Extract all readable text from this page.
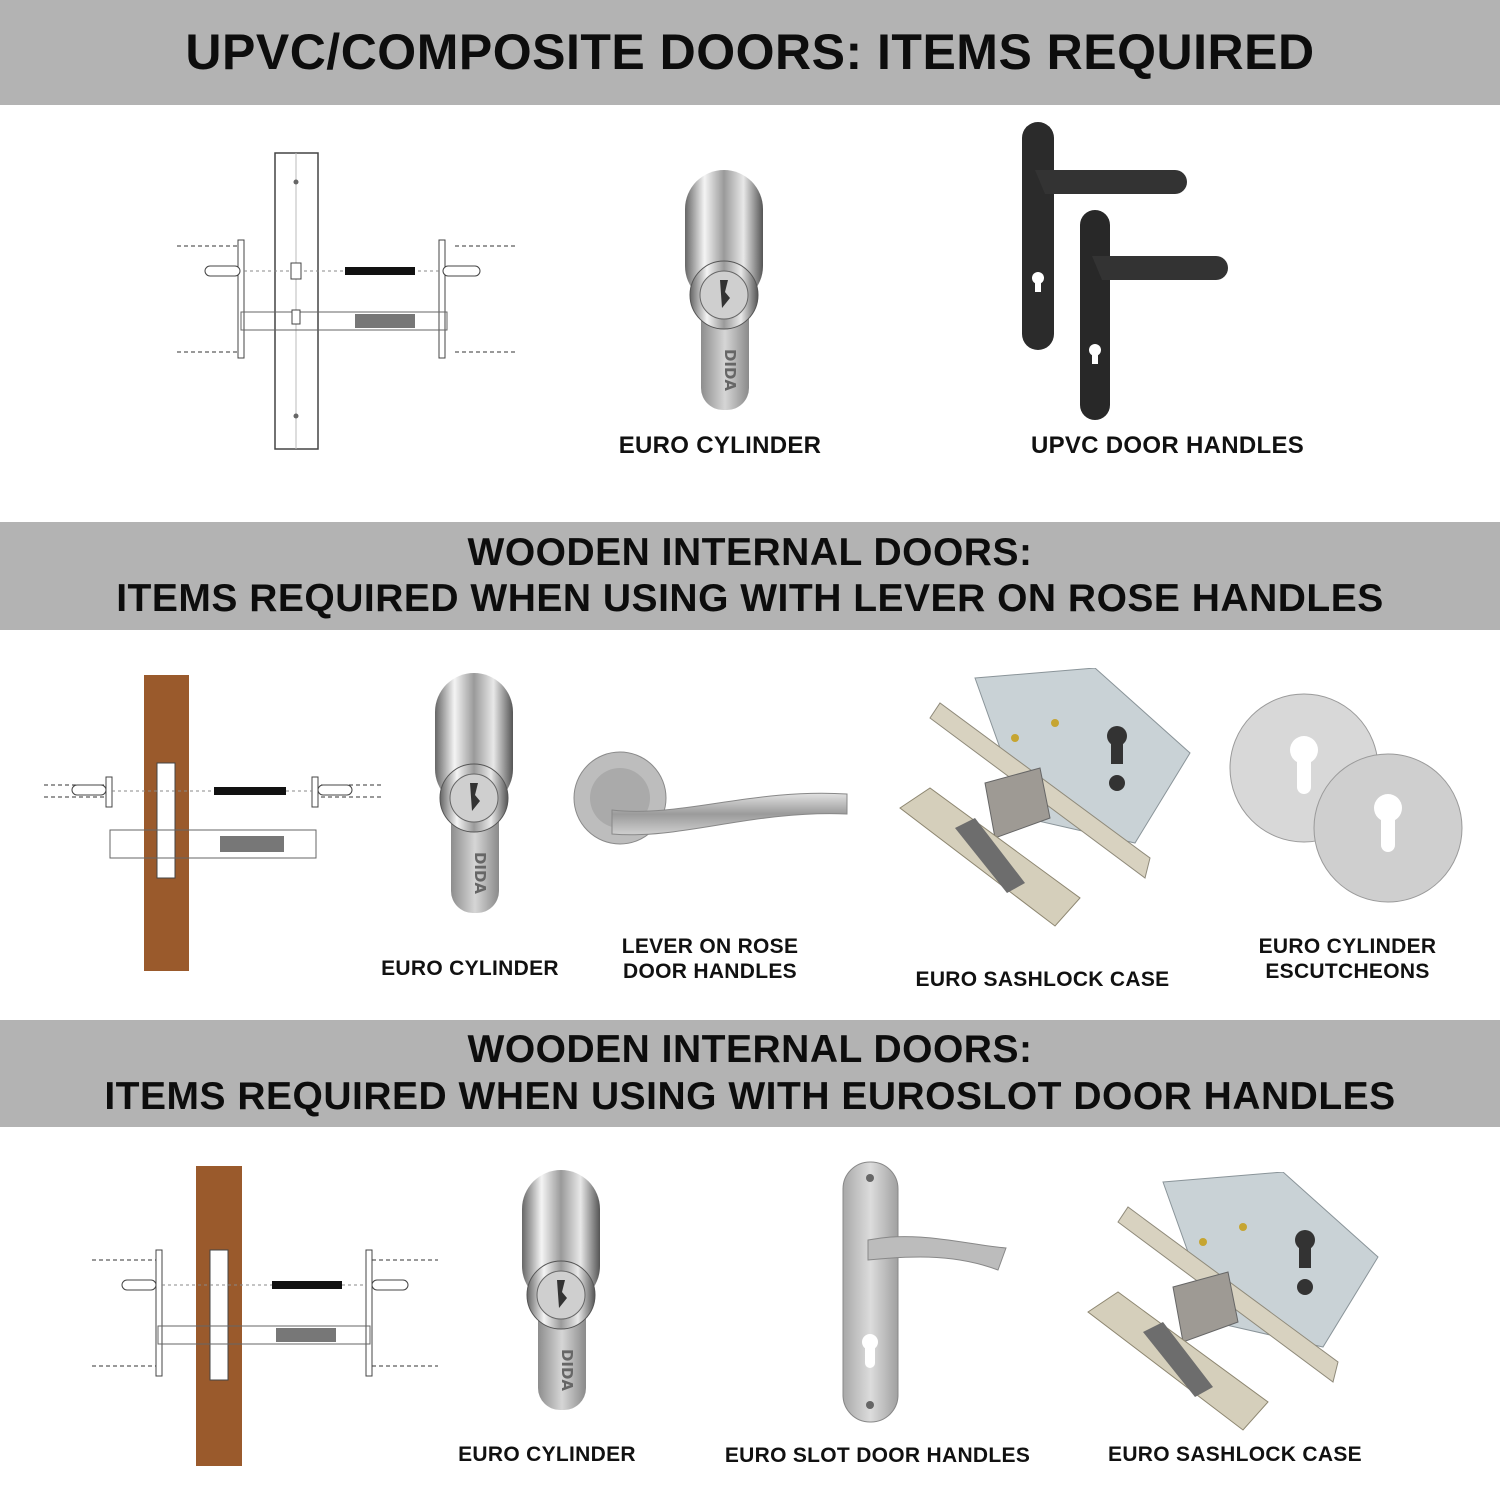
UPVC/COMPOSITE DOORS: ITEMS REQUIRED
DIDA
EURO CYLINDER	UPVC DOOR HANDLES
WOODEN INTERNAL DOORS:
ITEMS REQUIRED WHEN USING WITH LEVER ON ROSE HANDLES
DIDA
EURO CYLINDER
LEVER ON ROSE
DOOR HANDLES	EURO SASHLOCK CASE
EURO CYLINDER
ESCUTCHEONS
WOODEN INTERNAL DOORS:
ITEMS REQUIRED WHEN USING WITH EUROSLOT DOOR HANDLES
DIDA
EURO CYLINDER	EURO SLOT DOOR HANDLES	EURO SASHLOCK CASE
